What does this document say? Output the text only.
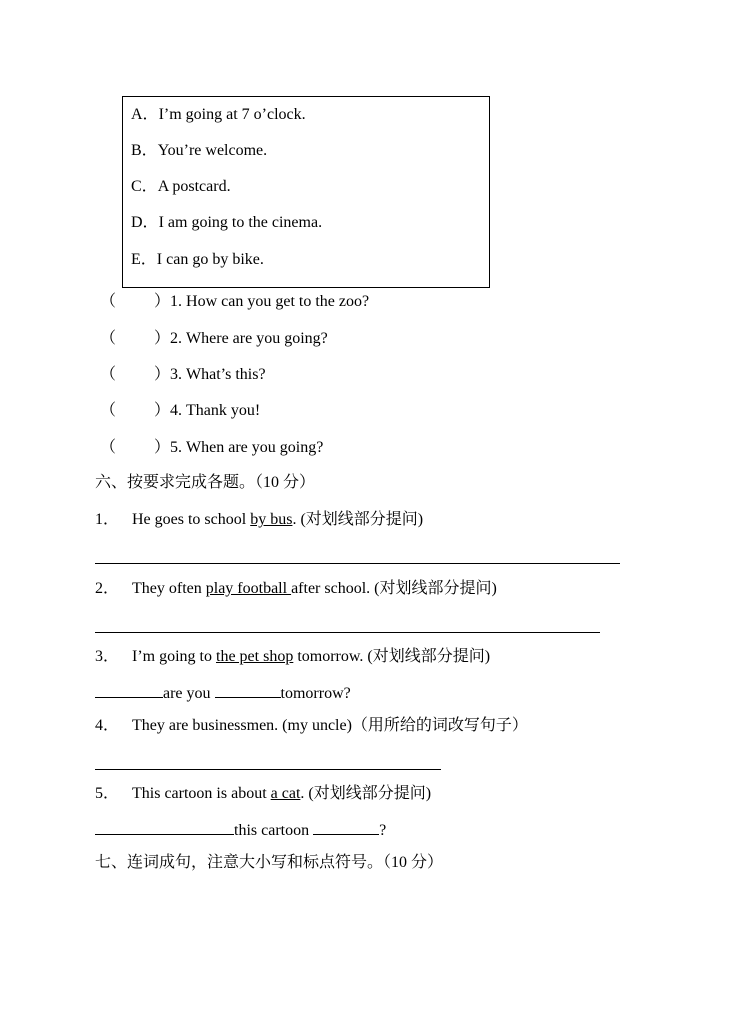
A．I’m going at 7 o’clock.
B．You’re welcome.
C．A postcard.
D．I am going to the cinema.
E．I can go by bike.
（ ）1. How can you get to the zoo?
（ ）2. Where are you going?
（ ）3. What’s this?
（ ）4. Thank you!
（ ）5. When are you going?
六、按要求完成各题。（10 分）
1． He goes to school by bus. (对划线部分提问)
2． They often play football after school. (对划线部分提问)
3． I’m going to the pet shop tomorrow. (对划线部分提问)
are you	tomorrow?
4． They are businessmen. (my uncle)（用所给的词改写句子）
5． This cartoon is about a cat. (对划线部分提问)
this cartoon	?
七、连词成句，注意大小写和标点符号。（10 分）
